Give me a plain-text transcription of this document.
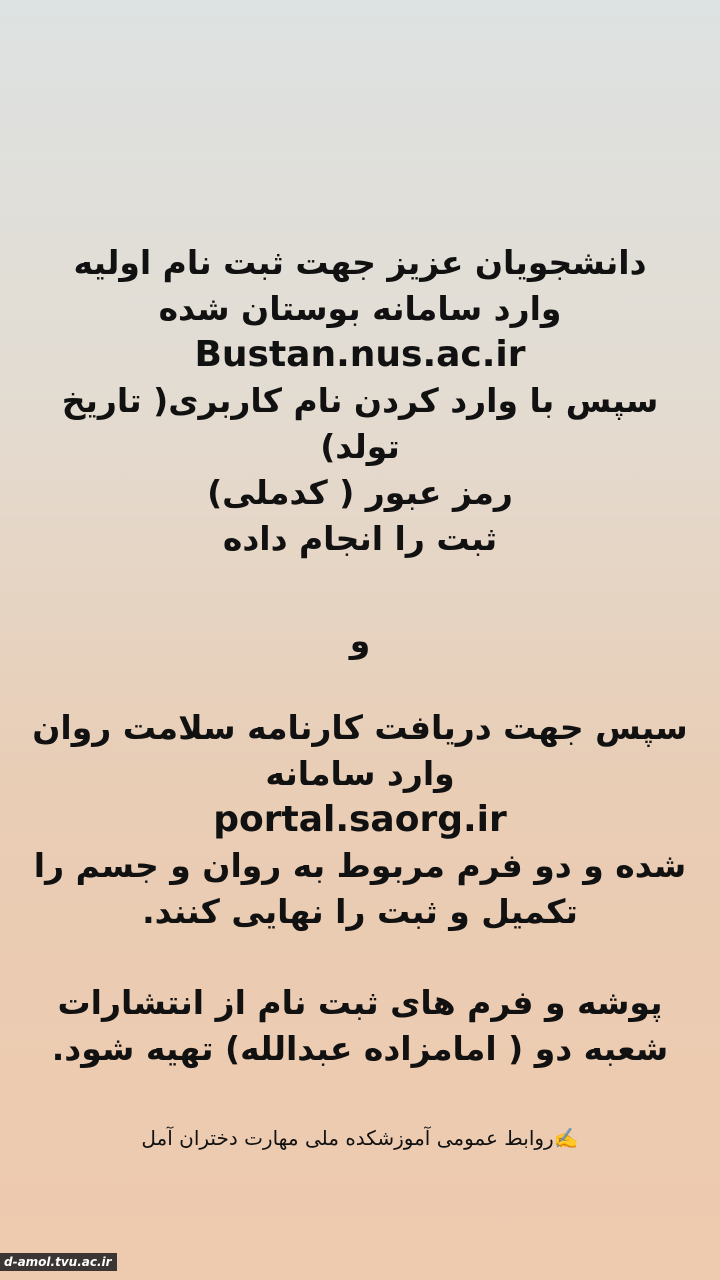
دانشجویان عزیز جهت ثبت نام اولیه
وارد سامانه بوستان شده
Bustan.nus.ac.ir
سپس با وارد کردن نام کاربری( تاریخ
تولد)
رمز عبور ( کدملی)
ثبت را انجام داده
و
سپس جهت دریافت کارنامه سلامت روان
وارد سامانه
portal.saorg.ir
شده و دو فرم مربوط به روان و جسم را
تکمیل و ثبت را نهایی کنند.
پوشه و فرم های ثبت نام از انتشارات
شعبه دو ( امامزاده عبدالله) تهیه شود.
✍️روابط عمومی آموزشکده ملی مهارت دختران آمل
d-amol.tvu.ac.ir
